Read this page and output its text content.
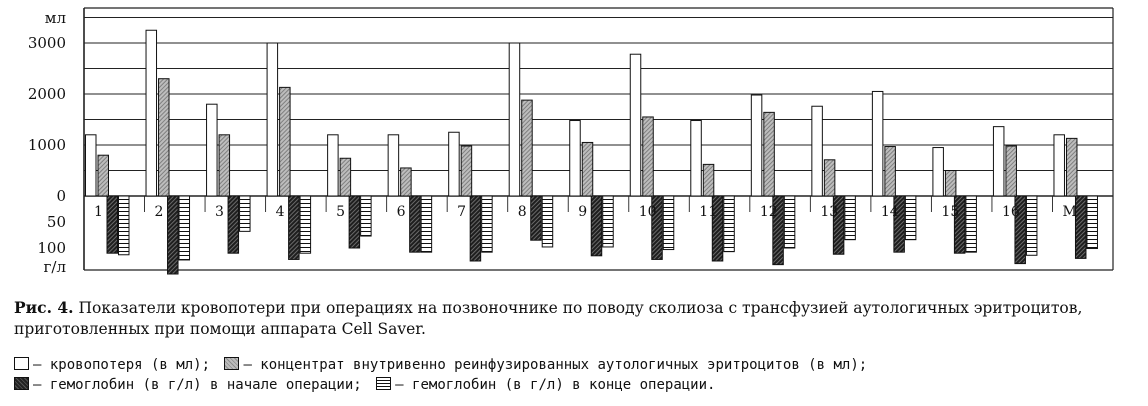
0
1000
2000
3000
50
100
мл
г/л
1	2	3	4	5	6	7	8	9	10	11	12	13	14	15	16	М
Рис. 4. Показатели кровопотери при операциях на позвоночнике по поводу сколиоза с трансфузией аутологичных эритроцитов, приготовленных при помощи аппарата Cell Saver.
— кровопотеря (в мл); — концентрат внутривенно реинфузированных аутологичных эритроцитов (в мл);
— гемоглобин (в г/л) в начале операции; — гемоглобин (в г/л) в конце операции.
